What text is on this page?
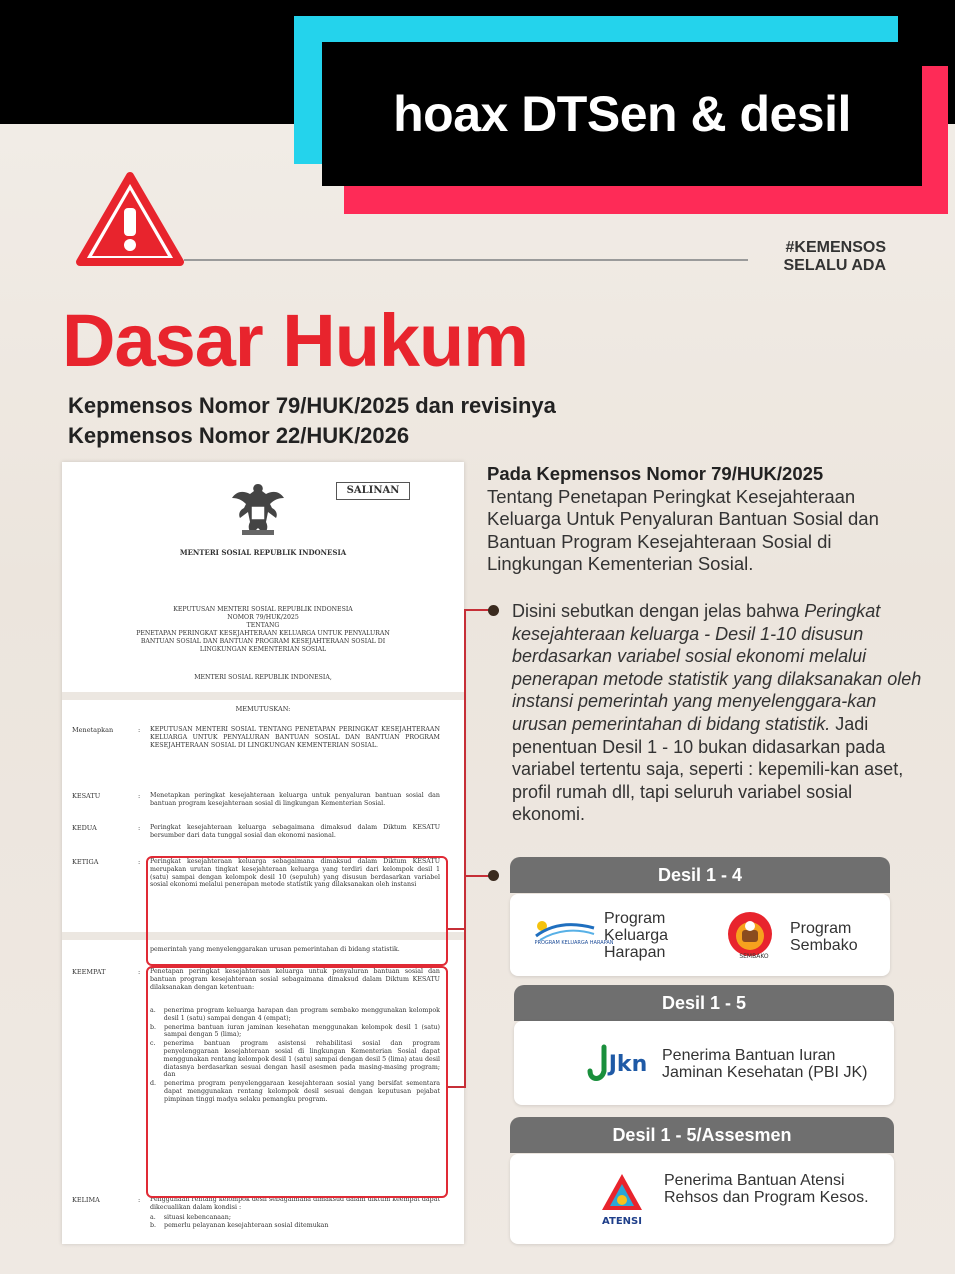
hoax DTSen & desil
#KEMENSOS
SELALU ADA
Dasar Hukum
Kepmensos Nomor 79/HUK/2025 dan revisinya
Kepmensos Nomor 22/HUK/2026
SALINAN
MENTERI SOSIAL REPUBLIK INDONESIA
KEPUTUSAN MENTERI SOSIAL REPUBLIK INDONESIA
NOMOR 79/HUK/2025
TENTANG
PENETAPAN PERINGKAT KESEJAHTERAAN KELUARGA UNTUK PENYALURAN
BANTUAN SOSIAL DAN BANTUAN PROGRAM KESEJAHTERAAN SOSIAL DI
LINGKUNGAN KEMENTERIAN SOSIAL
MENTERI SOSIAL REPUBLIK INDONESIA,
MEMUTUSKAN:
Menetapkan	: KEPUTUSAN MENTERI SOSIAL TENTANG PENETAPAN PERINGKAT KESEJAHTERAAN KELUARGA UNTUK PENYALURAN BANTUAN SOSIAL DAN BANTUAN PROGRAM KESEJAHTERAAN SOSIAL DI LINGKUNGAN KEMENTERIAN SOSIAL.
KESATU	: Menetapkan peringkat kesejahteraan keluarga untuk penyaluran bantuan sosial dan bantuan program kesejahteraan sosial di lingkungan Kementerian Sosial.
KEDUA	: Peringkat kesejahteraan keluarga sebagaimana dimaksud dalam Diktum KESATU bersumber dari data tunggal sosial dan ekonomi nasional.
KETIGA	: Peringkat kesejahteraan keluarga sebagaimana dimaksud dalam Diktum KESATU merupakan urutan tingkat kesejahteraan keluarga yang terdiri dari kelompok desil 1 (satu) sampai dengan kelompok desil 10 (sepuluh) yang disusun berdasarkan variabel sosial ekonomi melalui penerapan metode statistik yang dilaksanakan oleh instansi
pemerintah yang menyelenggarakan urusan pemerintahan di bidang statistik.
KEEMPAT	: Penetapan peringkat kesejahteraan keluarga untuk penyaluran bantuan sosial dan bantuan program kesejahteraan sosial sebagaimana dimaksud dalam Diktum KESATU dilaksanakan dengan ketentuan:
a. penerima program keluarga harapan dan program sembako menggunakan kelompok desil 1 (satu) sampai dengan 4 (empat);
b. penerima bantuan iuran jaminan kesehatan menggunakan kelompok desil 1 (satu) sampai dengan 5 (lima);
c. penerima bantuan program asistensi rehabilitasi sosial dan program penyelenggaraan kesejahteraan sosial di lingkungan Kementerian Sosial dapat menggunakan rentang kelompok desil 1 (satu) sampai dengan desil 5 (lima) atau desil diatasnya berdasarkan sesuai dengan hasil asesmen pada masing-masing program; dan
d. penerima program penyelenggaraan kesejahteraan sosial yang bersifat sementara dapat menggunakan rentang kelompok desil sesuai dengan keputusan pejabat pimpinan tinggi madya selaku pemangku program.
KELIMA	: Penggunaan rentang kelompok desil sebagaimana dimaksud dalam diktum keempat dapat dikecualikan dalam kondisi :
a. situasi kebencanaan;
b. pemerlu pelayanan kesejahteraan sosial ditemukan
Pada Kepmensos Nomor 79/HUK/2025
Tentang Penetapan Peringkat Kesejahteraan Keluarga Untuk Penyaluran Bantuan Sosial dan Bantuan Program Kesejahteraan Sosial di Lingkungan Kementerian Sosial.
Disini sebutkan dengan jelas bahwa Peringkat kesejahteraan keluarga - Desil 1-10 disusun berdasarkan variabel sosial ekonomi melalui penerapan metode statistik yang dilaksanakan oleh instansi pemerintah yang menyelenggara-kan urusan pemerintahan di bidang statistik. Jadi penentuan Desil 1 - 10 bukan didasarkan pada variabel tertentu saja, seperti : kepemili-kan aset, profil rumah dll, tapi seluruh variabel sosial ekonomi.
Desil 1 - 4
PROGRAM KELUARGA HARAPAN
Program Keluarga Harapan	SEMBAKO
Program Sembako
Desil 1 - 5
Jkn Penerima Bantuan Iuran Jaminan Kesehatan (PBI JK)
Desil 1 - 5/Assesmen
ATENSI
Penerima Bantuan Atensi Rehsos dan Program Kesos.
